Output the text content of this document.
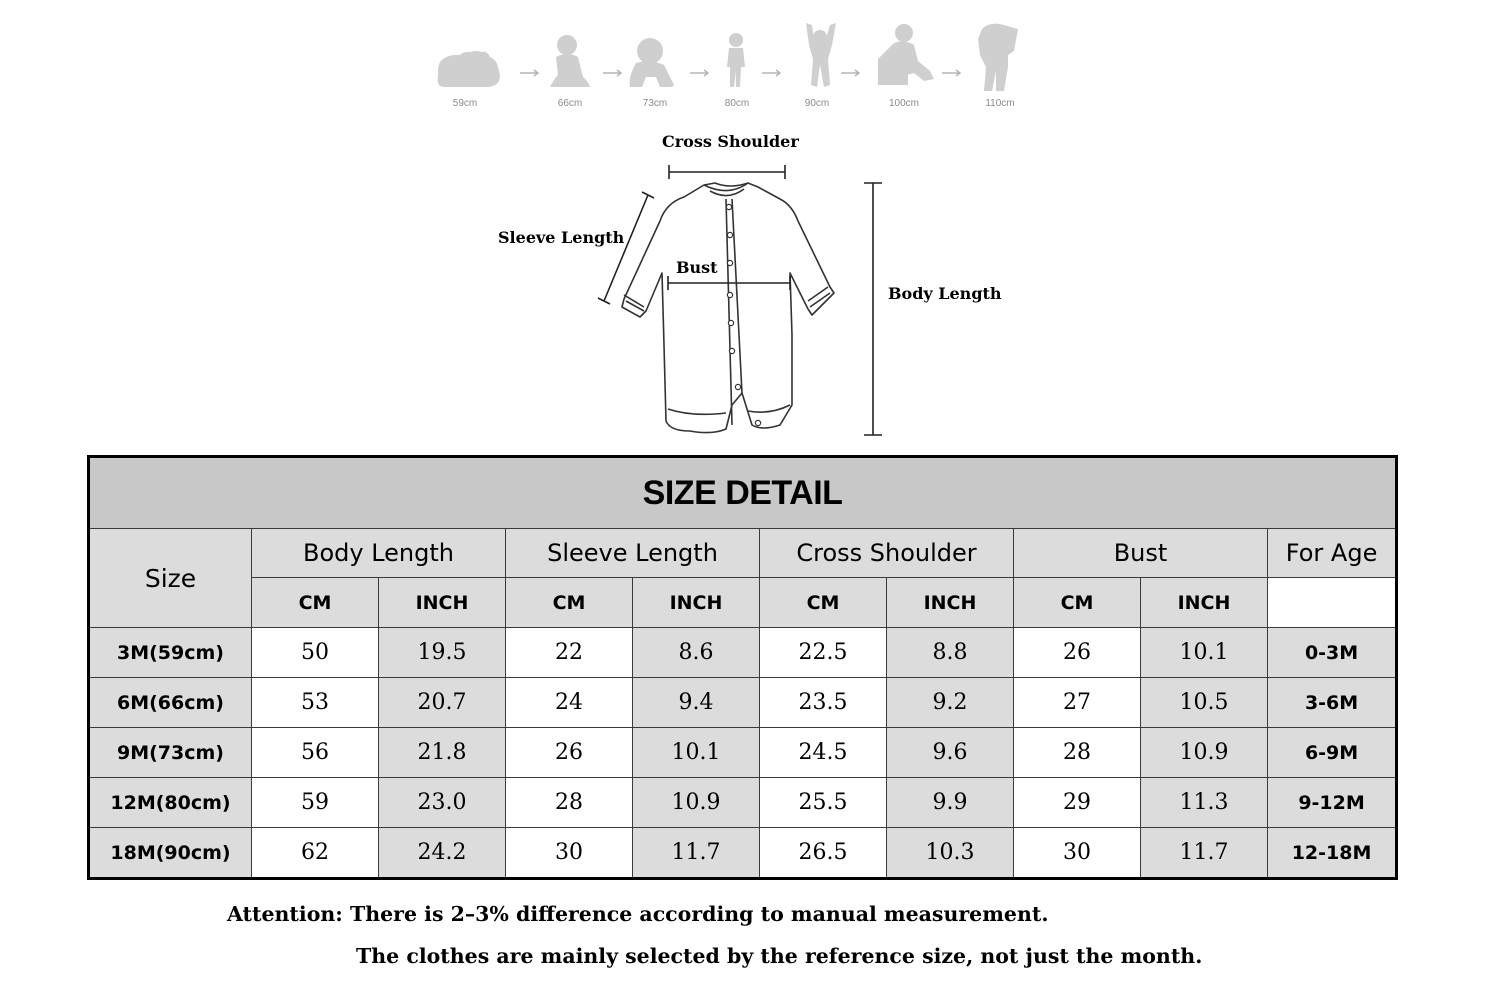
59cm	66cm	73cm	80cm	90cm	100cm	110cm
Cross Shoulder
Sleeve Length
Bust
Body Length
SIZE DETAIL									
Size	Body Length		Sleeve Length		Cross Shoulder		Bust		For Age
	CM	INCH	CM	INCH	CM	INCH	CM	INCH	
3M(59cm)	50	19.5	22	8.6	22.5	8.8	26	10.1	0-3M
6M(66cm)	53	20.7	24	9.4	23.5	9.2	27	10.5	3-6M
9M(73cm)	56	21.8	26	10.1	24.5	9.6	28	10.9	6-9M
12M(80cm)	59	23.0	28	10.9	25.5	9.9	29	11.3	9-12M
18M(90cm)	62	24.2	30	11.7	26.5	10.3	30	11.7	12-18M
Attention: There is 2–3% difference according to manual measurement.
The clothes are mainly selected by the reference size, not just the month.
